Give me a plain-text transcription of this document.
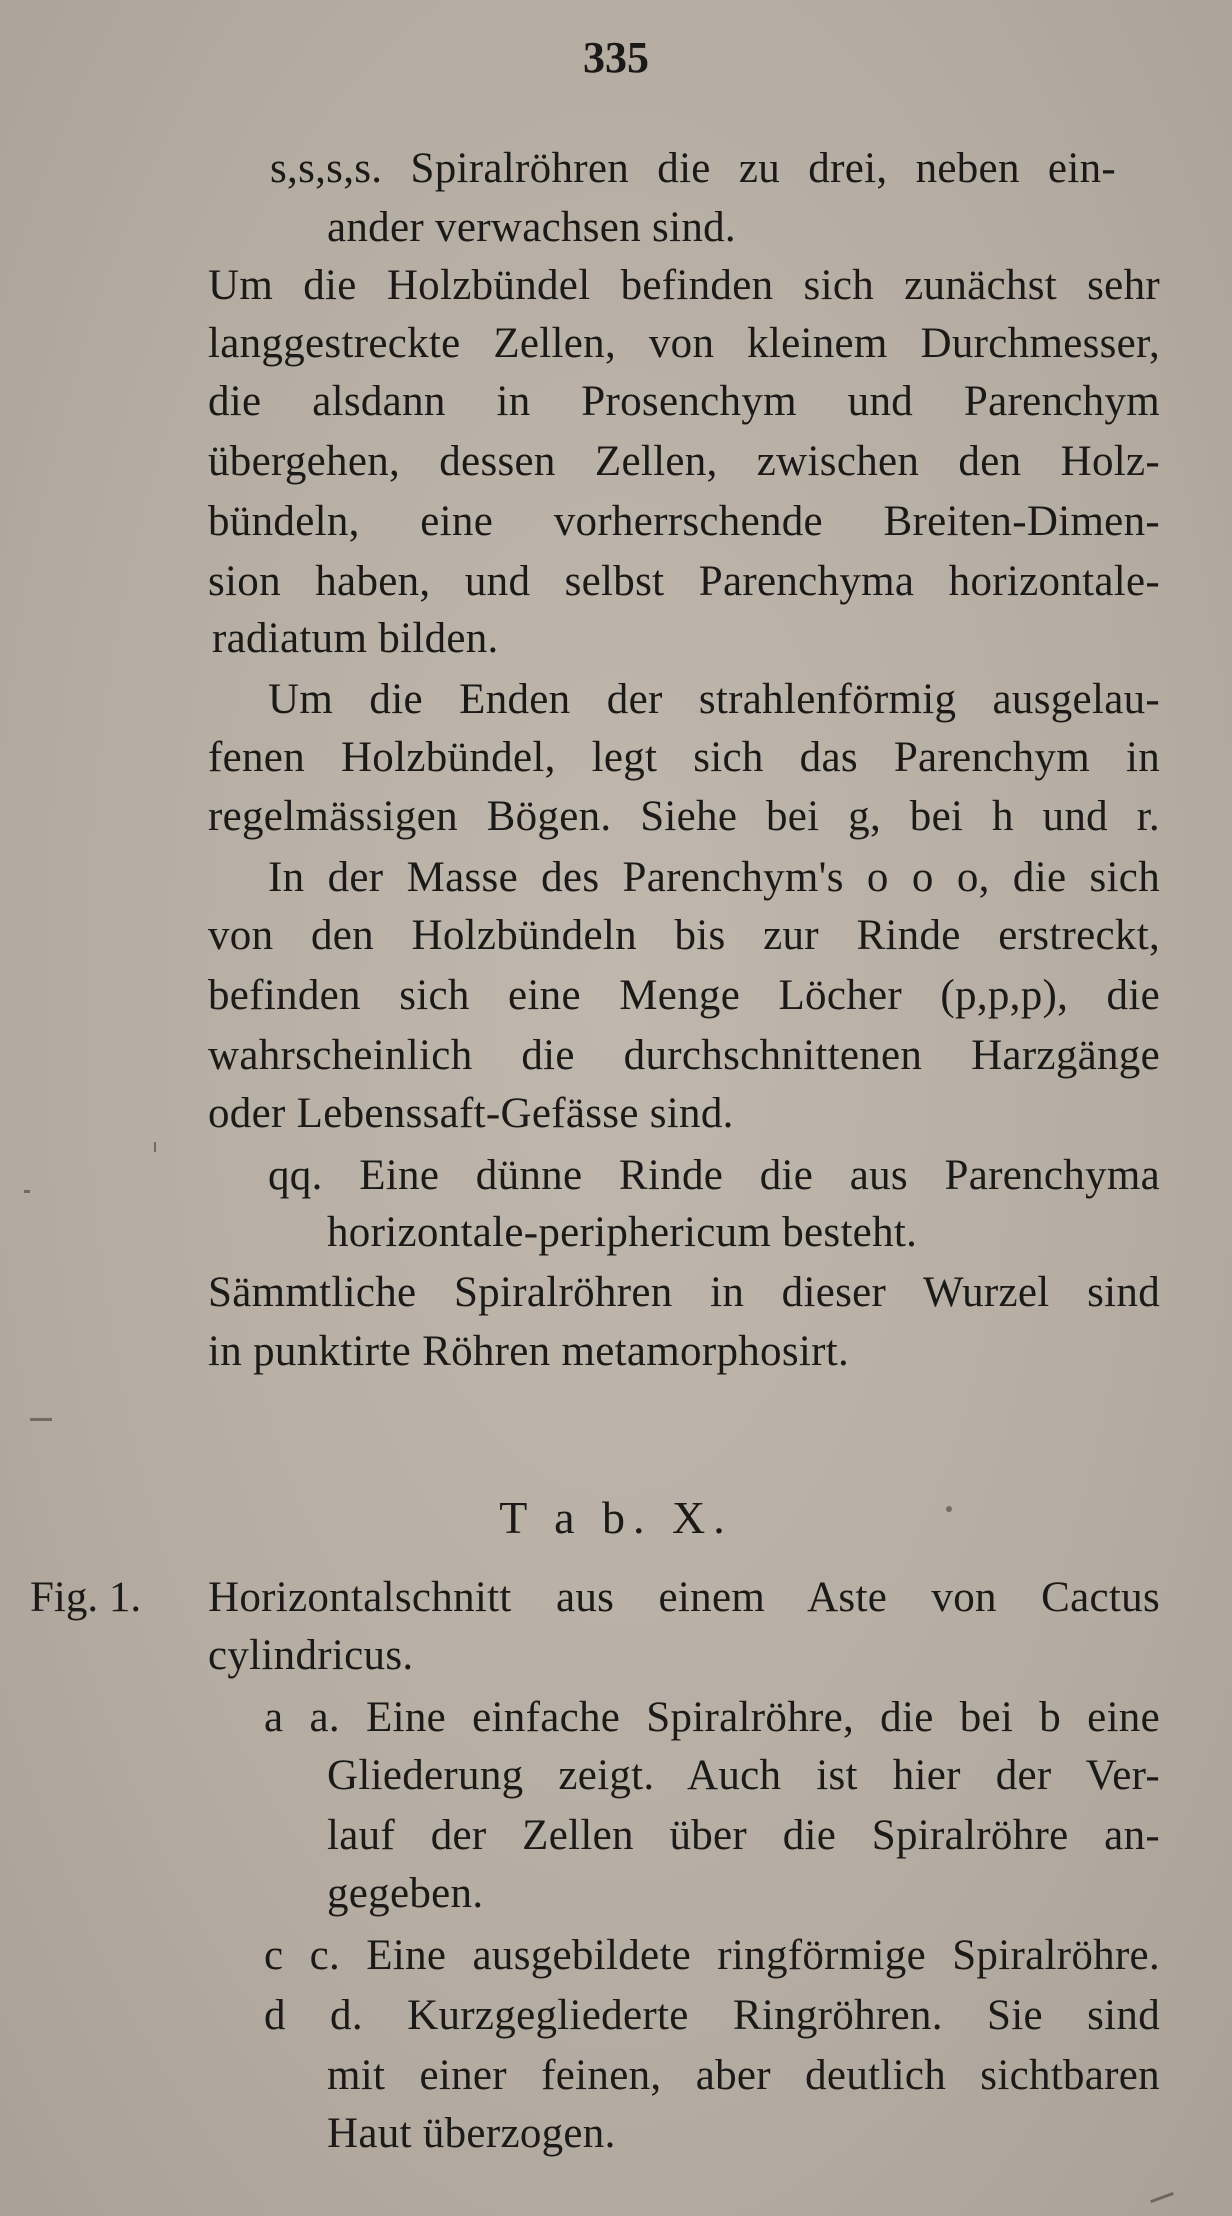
335
s,s,s,s. Spiralröhren die zu drei, neben ein-
ander verwachsen sind.
Um die Holzbündel befinden sich zunächst sehr
langgestreckte Zellen, von kleinem Durchmesser,
die alsdann in Prosenchym und Parenchym
übergehen, dessen Zellen, zwischen den Holz-
bündeln, eine vorherrschende Breiten-Dimen-
sion haben, und selbst Parenchyma horizontale-
radiatum bilden.
Um die Enden der strahlenförmig ausgelau-
fenen Holzbündel, legt sich das Parenchym in
regelmässigen Bögen. Siehe bei g, bei h und r.
In der Masse des Parenchym's o o o, die sich
von den Holzbündeln bis zur Rinde erstreckt,
befinden sich eine Menge Löcher (p,p,p), die
wahrscheinlich die durchschnittenen Harzgänge
oder Lebenssaft-Gefässe sind.
qq. Eine dünne Rinde die aus Parenchyma
horizontale-periphericum besteht.
Sämmtliche Spiralröhren in dieser Wurzel sind
in punktirte Röhren metamorphosirt.
T a b. X.
Fig. 1. Horizontalschnitt aus einem Aste von Cactus
cylindricus.
a a. Eine einfache Spiralröhre, die bei b eine
Gliederung zeigt. Auch ist hier der Ver-
lauf der Zellen über die Spiralröhre an-
gegeben.
c c. Eine ausgebildete ringförmige Spiralröhre.
d d. Kurzgegliederte Ringröhren. Sie sind
mit einer feinen, aber deutlich sichtbaren
Haut überzogen.
